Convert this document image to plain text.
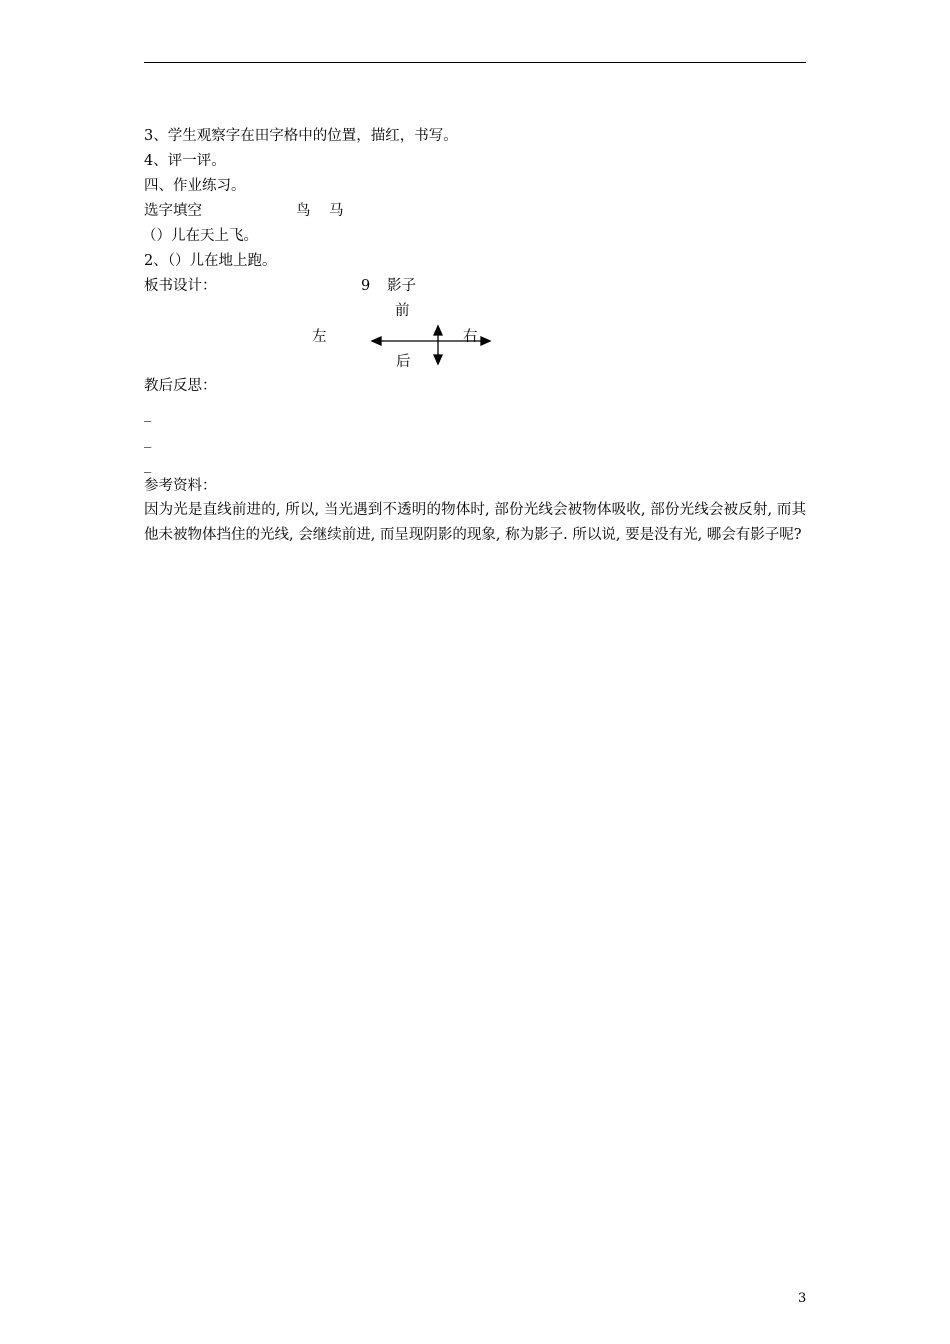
3、学生观察字在田字格中的位置，描红，书写。
4、评一评。
四、作业练习。
选字填空	鸟 马
（）儿在天上飞。
2、（）儿在地上跑。
板书设计：	9 影子
前
左	右
后
教后反思：
_
_
_
参考资料：
因为光是直线前进的, 所以, 当光遇到不透明的物体时, 部份光线会被物体吸收, 部份光线会被反射, 而其他未被物体挡住的光线, 会继续前进, 而呈现阴影的现象, 称为影子. 所以说, 要是没有光, 哪会有影子呢?
3
